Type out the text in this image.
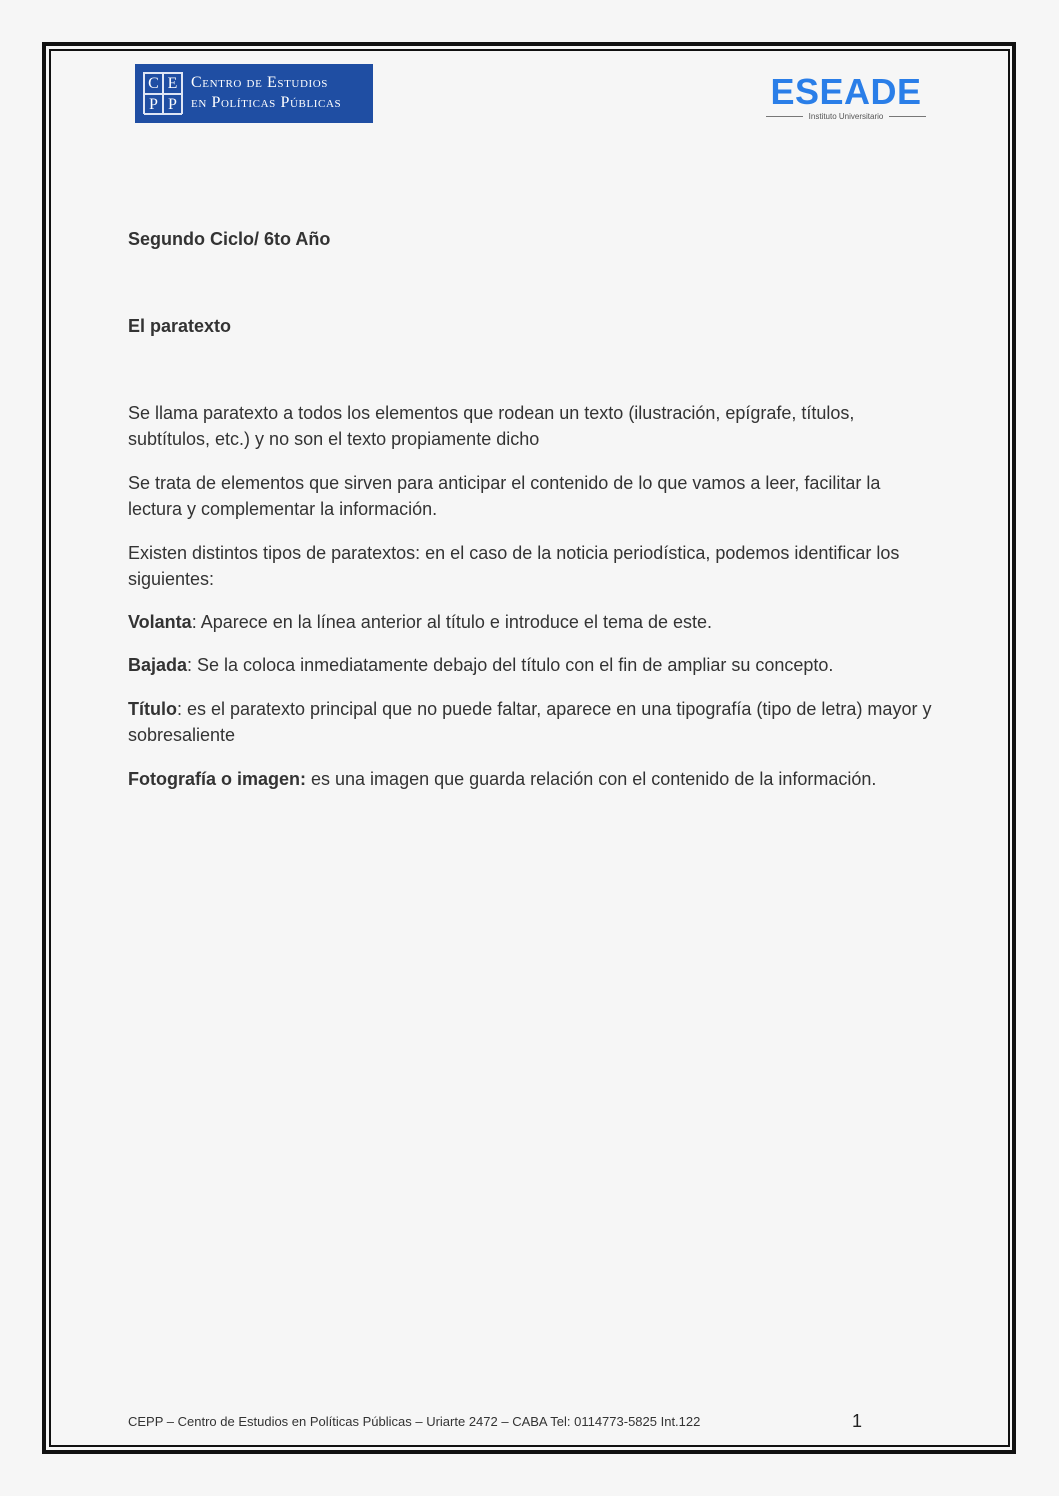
C E
P P
Centro de Estudios
en Políticas Públicas	ESEADE
Instituto Universitario
Segundo Ciclo/ 6to Año
El paratexto
Se llama paratexto a todos los elementos que rodean un texto (ilustración, epígrafe, títulos, subtítulos, etc.) y no son el texto propiamente dicho
Se trata de elementos que sirven para anticipar el contenido de lo que vamos a leer, facilitar la lectura y complementar la información.
Existen distintos tipos de paratextos: en el caso de la noticia periodística, podemos identificar los siguientes:
Volanta: Aparece en la línea anterior al título e introduce el tema de este.
Bajada: Se la coloca inmediatamente debajo del título con el fin de ampliar su concepto.
Título: es el paratexto principal que no puede faltar, aparece en una tipografía (tipo de letra) mayor y sobresaliente
Fotografía o imagen: es una imagen que guarda relación con el contenido de la información.
CEPP – Centro de Estudios en Políticas Públicas – Uriarte 2472 – CABA Tel: 0114773-5825 Int.122	1
